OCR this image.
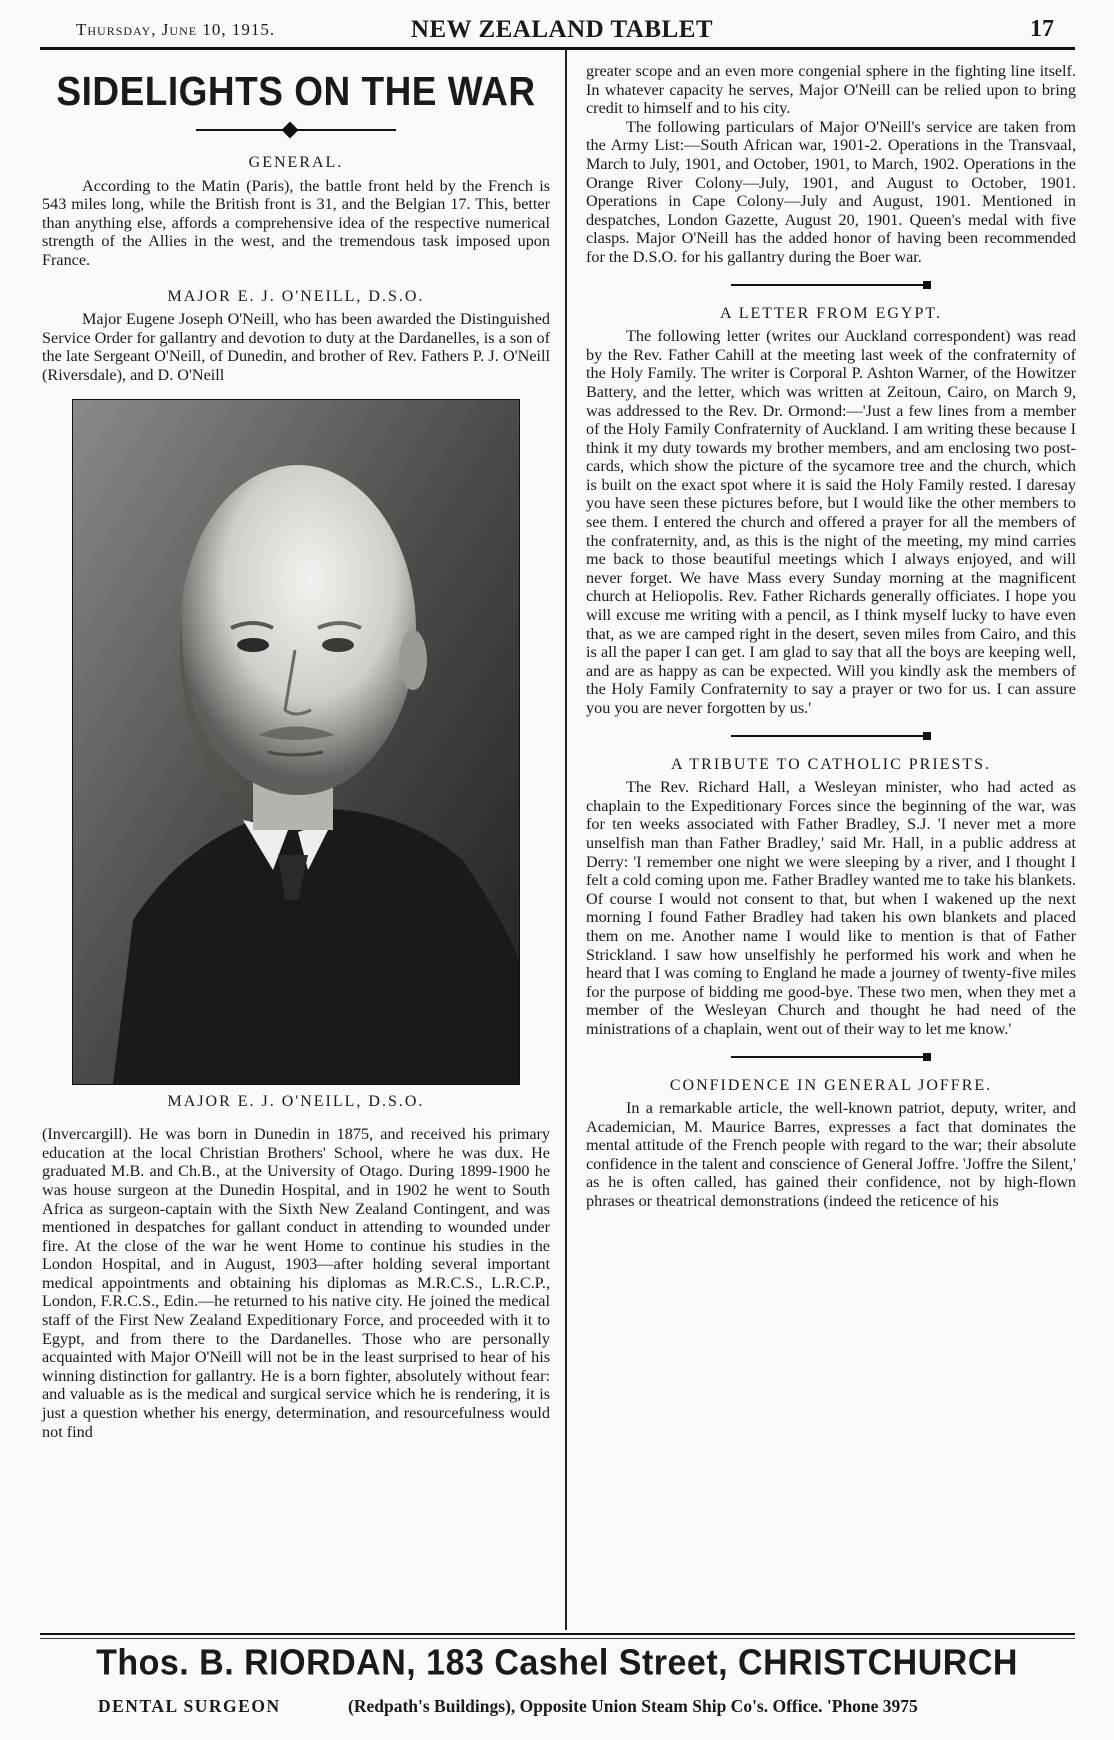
Thursday, June 10, 1915.	NEW ZEALAND TABLET	17
SIDELIGHTS ON THE WAR
GENERAL.

According to the Matin (Paris), the battle front held by the French is 543 miles long, while the British front is 31, and the Belgian 17. This, better than anything else, affords a comprehensive idea of the respective numerical strength of the Allies in the west, and the tremendous task imposed upon France.

MAJOR E. J. O'NEILL, D.S.O.

Major Eugene Joseph O'Neill, who has been awarded the Distinguished Service Order for gallantry and devotion to duty at the Dardanelles, is a son of the late Sergeant O'Neill, of Dunedin, and brother of Rev. Fathers P. J. O'Neill (Riversdale), and D. O'Neill

MAJOR E. J. O'NEILL, D.S.O.

(Invercargill). He was born in Dunedin in 1875, and received his primary education at the local Christian Brothers' School, where he was dux. He graduated M.B. and Ch.B., at the University of Otago. During 1899-1900 he was house surgeon at the Dunedin Hospital, and in 1902 he went to South Africa as surgeon-captain with the Sixth New Zealand Contingent, and was mentioned in despatches for gallant conduct in attending to wounded under fire. At the close of the war he went Home to continue his studies in the London Hospital, and in August, 1903—after holding several important medical appointments and obtaining his diplomas as M.R.C.S., L.R.C.P., London, F.R.C.S., Edin.—he returned to his native city. He joined the medical staff of the First New Zealand Expeditionary Force, and proceeded with it to Egypt, and from there to the Dardanelles. Those who are personally acquainted with Major O'Neill will not be in the least surprised to hear of his winning distinction for gallantry. He is a born fighter, absolutely without fear: and valuable as is the medical and surgical service which he is rendering, it is just a question whether his energy, determination, and resourcefulness would not find

greater scope and an even more congenial sphere in the fighting line itself. In whatever capacity he serves, Major O'Neill can be relied upon to bring credit to himself and to his city.

The following particulars of Major O'Neill's service are taken from the Army List:—South African war, 1901-2. Operations in the Transvaal, March to July, 1901, and October, 1901, to March, 1902. Operations in the Orange River Colony—July, 1901, and August to October, 1901. Operations in Cape Colony—July and August, 1901. Mentioned in despatches, London Gazette, August 20, 1901. Queen's medal with five clasps. Major O'Neill has the added honor of having been recommended for the D.S.O. for his gallantry during the Boer war.

A LETTER FROM EGYPT.

The following letter (writes our Auckland correspondent) was read by the Rev. Father Cahill at the meeting last week of the confraternity of the Holy Family. The writer is Corporal P. Ashton Warner, of the Howitzer Battery, and the letter, which was written at Zeitoun, Cairo, on March 9, was addressed to the Rev. Dr. Ormond:—'Just a few lines from a member of the Holy Family Confraternity of Auckland. I am writing these because I think it my duty towards my brother members, and am enclosing two post-cards, which show the picture of the sycamore tree and the church, which is built on the exact spot where it is said the Holy Family rested. I daresay you have seen these pictures before, but I would like the other members to see them. I entered the church and offered a prayer for all the members of the confraternity, and, as this is the night of the meeting, my mind carries me back to those beautiful meetings which I always enjoyed, and will never forget. We have Mass every Sunday morning at the magnificent church at Heliopolis. Rev. Father Richards generally officiates. I hope you will excuse me writing with a pencil, as I think myself lucky to have even that, as we are camped right in the desert, seven miles from Cairo, and this is all the paper I can get. I am glad to say that all the boys are keeping well, and are as happy as can be expected. Will you kindly ask the members of the Holy Family Confraternity to say a prayer or two for us. I can assure you you are never forgotten by us.'

A TRIBUTE TO CATHOLIC PRIESTS.

The Rev. Richard Hall, a Wesleyan minister, who had acted as chaplain to the Expeditionary Forces since the beginning of the war, was for ten weeks associated with Father Bradley, S.J. 'I never met a more unselfish man than Father Bradley,' said Mr. Hall, in a public address at Derry: 'I remember one night we were sleeping by a river, and I thought I felt a cold coming upon me. Father Bradley wanted me to take his blankets. Of course I would not consent to that, but when I wakened up the next morning I found Father Bradley had taken his own blankets and placed them on me. Another name I would like to mention is that of Father Strickland. I saw how unselfishly he performed his work and when he heard that I was coming to England he made a journey of twenty-five miles for the purpose of bidding me good-bye. These two men, when they met a member of the Wesleyan Church and thought he had need of the ministrations of a chaplain, went out of their way to let me know.'

CONFIDENCE IN GENERAL JOFFRE.

In a remarkable article, the well-known patriot, deputy, writer, and Academician, M. Maurice Barres, expresses a fact that dominates the mental attitude of the French people with regard to the war; their absolute confidence in the talent and conscience of General Joffre. 'Joffre the Silent,' as he is often called, has gained their confidence, not by high-flown phrases or theatrical demonstrations (indeed the reticence of his

Thos. B. RIORDAN, 183 Cashel Street, CHRISTCHURCH
DENTAL SURGEON	(Redpath's Buildings), Opposite Union Steam Ship Co's. Office. 'Phone 3975
